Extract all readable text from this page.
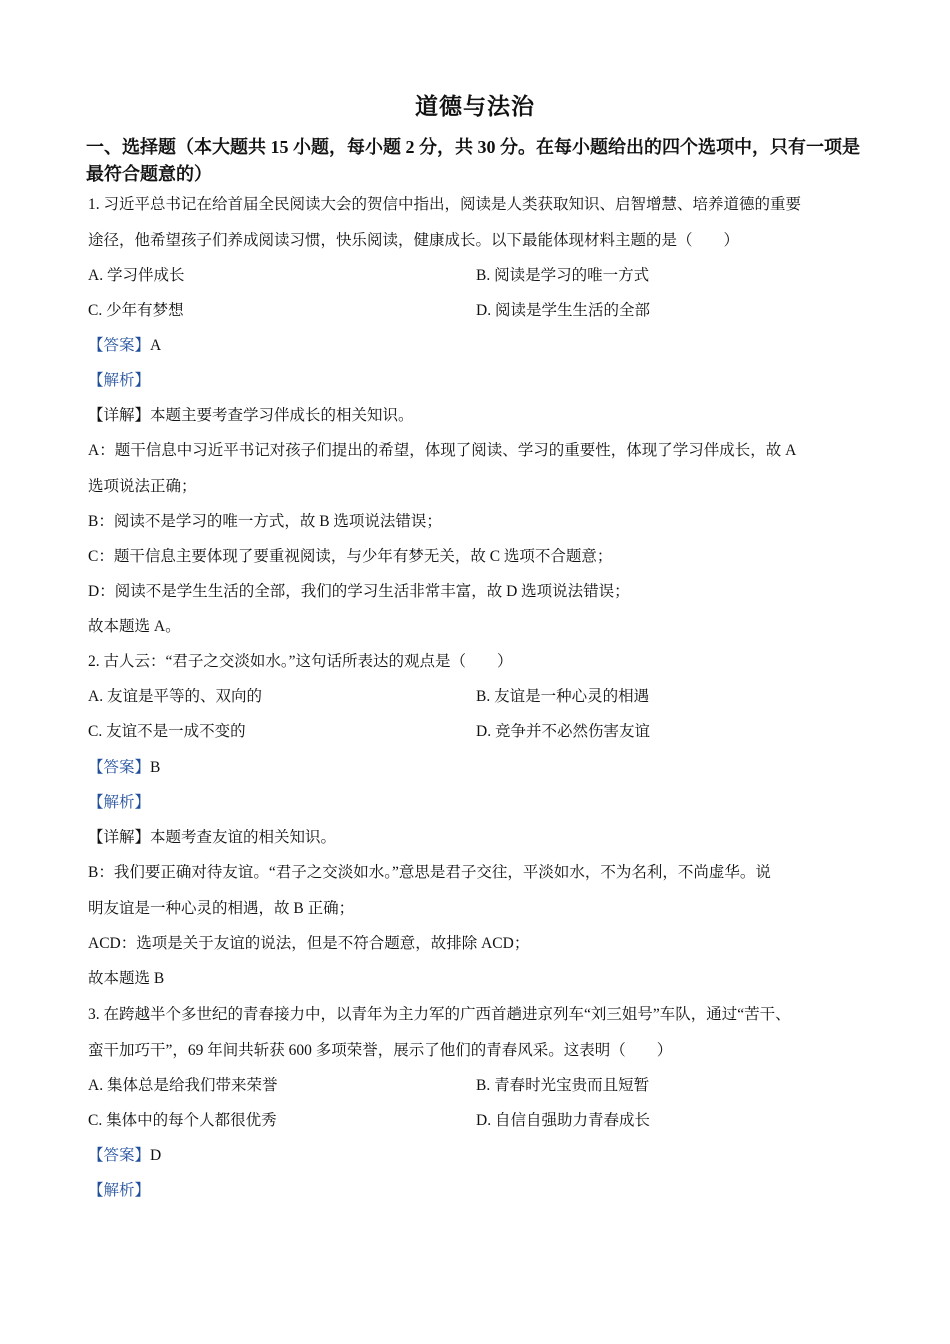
道德与法治
一、选择题（本大题共 15 小题，每小题 2 分，共 30 分。在每小题给出的四个选项中，只有一项是最符合题意的）
1. 习近平总书记在给首届全民阅读大会的贺信中指出，阅读是人类获取知识、启智增慧、培养道德的重要
途径，他希望孩子们养成阅读习惯，快乐阅读，健康成长。以下最能体现材料主题的是（　　）
A. 学习伴成长	B. 阅读是学习的唯一方式
C. 少年有梦想	D. 阅读是学生生活的全部
【答案】A
【解析】
【详解】本题主要考查学习伴成长的相关知识。
A：题干信息中习近平书记对孩子们提出的希望，体现了阅读、学习的重要性，体现了学习伴成长，故 A
选项说法正确；
B：阅读不是学习的唯一方式，故 B 选项说法错误；
C：题干信息主要体现了要重视阅读，与少年有梦无关，故 C 选项不合题意；
D：阅读不是学生生活的全部，我们的学习生活非常丰富，故 D 选项说法错误；
故本题选 A。
2. 古人云：“君子之交淡如水。”这句话所表达的观点是（　　）
A. 友谊是平等的、双向的	B. 友谊是一种心灵的相遇
C. 友谊不是一成不变的	D. 竞争并不必然伤害友谊
【答案】B
【解析】
【详解】本题考查友谊的相关知识。
B：我们要正确对待友谊。“君子之交淡如水。”意思是君子交往，平淡如水，不为名利，不尚虚华。说
明友谊是一种心灵的相遇，故 B 正确；
ACD：选项是关于友谊的说法，但是不符合题意，故排除 ACD；
故本题选 B
3. 在跨越半个多世纪的青春接力中，以青年为主力军的广西首趟进京列车“刘三姐号”车队，通过“苦干、
蛮干加巧干”，69 年间共斩获 600 多项荣誉，展示了他们的青春风采。这表明（　　）
A. 集体总是给我们带来荣誉	B. 青春时光宝贵而且短暂
C. 集体中的每个人都很优秀	D. 自信自强助力青春成长
【答案】D
【解析】
